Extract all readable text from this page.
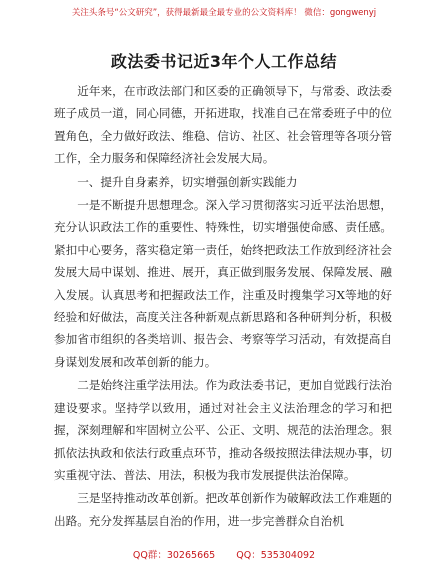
关注头条号“公文研究”，获得最新最全最专业的公文资料库！ 微信：gongwenyj
政法委书记近3年个人工作总结

近年来，在市政法部门和区委的正确领导下，与常委、政法委班子成员一道，同心同德，开拓进取，找准自己在常委班子中的位置角色，全力做好政法、维稳、信访、社区、社会管理等各项分管工作，全力服务和保障经济社会发展大局。

一、提升自身素养，切实增强创新实践能力

一是不断提升思想理念。深入学习贯彻落实习近平法治思想，充分认识政法工作的重要性、特殊性，切实增强使命感、责任感。紧扣中心要务，落实稳定第一责任，始终把政法工作放到经济社会发展大局中谋划、推进、展开，真正做到服务发展、保障发展、融入发展。认真思考和把握政法工作，注重及时搜集学习X等地的好经验和好做法，高度关注各种新观点新思路和各种研判分析，积极参加省市组织的各类培训、报告会、考察等学习活动，有效提高自身谋划发展和改革创新的能力。

二是始终注重学法用法。作为政法委书记，更加自觉践行法治建设要求。坚持学以致用，通过对社会主义法治理念的学习和把握，深刻理解和牢固树立公平、公正、文明、规范的法治理念。狠抓依法执政和依法行政重点环节，推动各级按照法律法规办事，切实重视守法、普法、用法，积极为我市发展提供法治保障。

三是坚持推动改革创新。把改革创新作为破解政法工作难题的出路。充分发挥基层自治的作用，进一步完善群众自治机

QQ群：30265665 QQ：535304092
